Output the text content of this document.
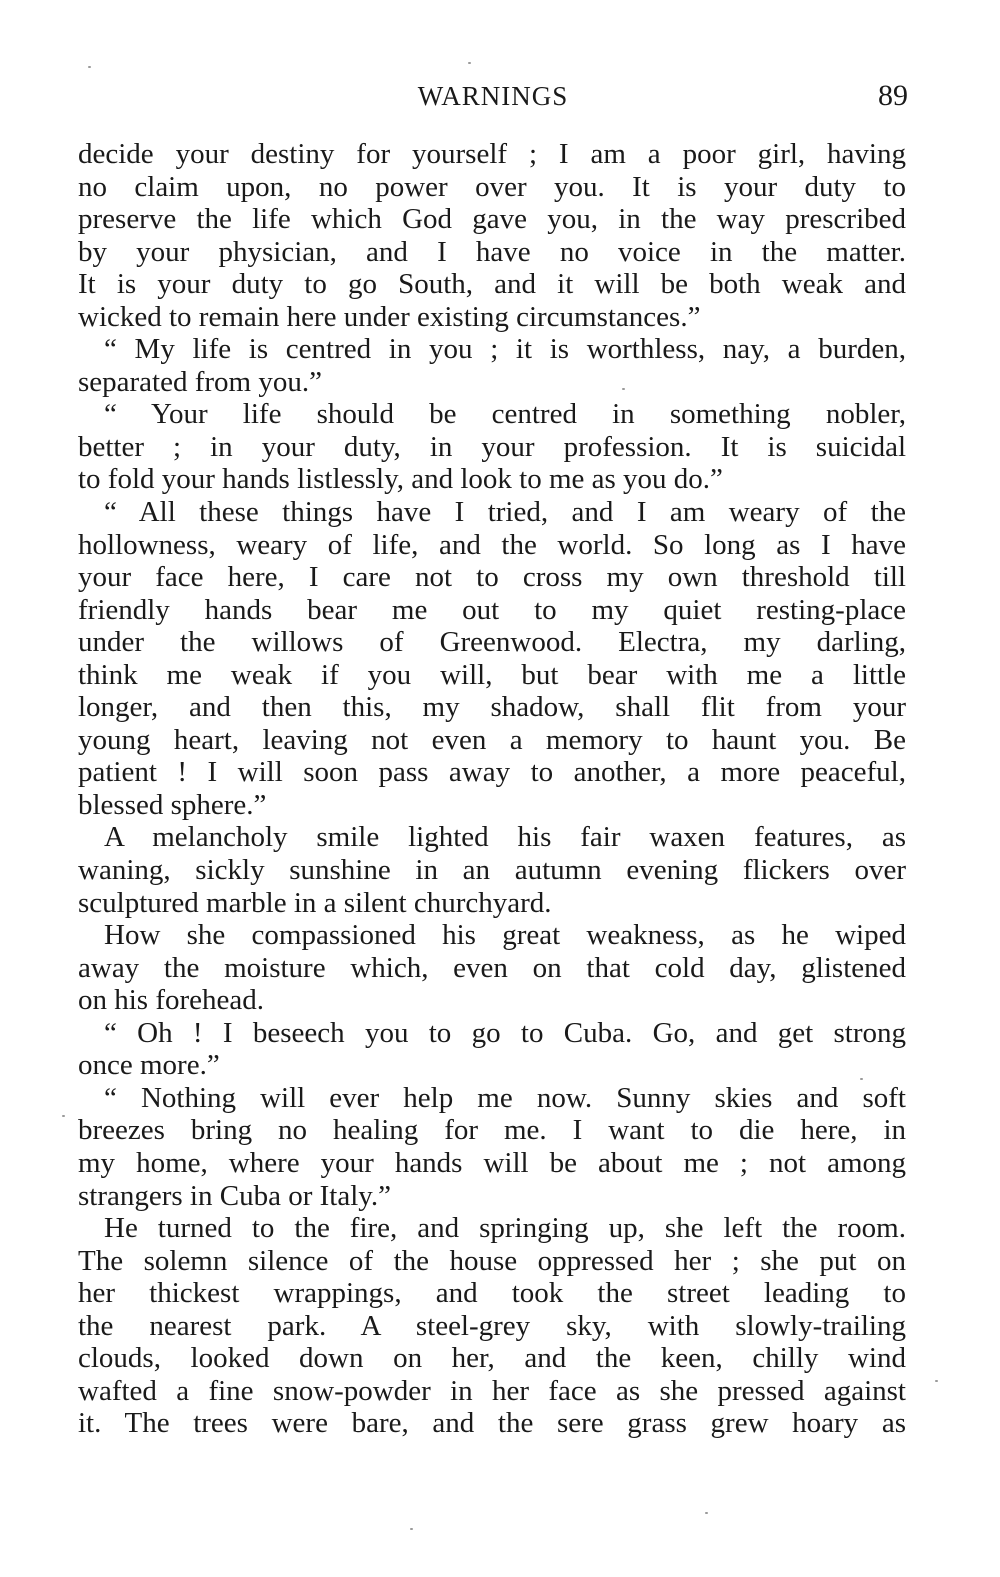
WARNINGS	89
decide your destiny for yourself ; I am a poor girl, having
no claim upon, no power over you. It is your duty to
preserve the life which God gave you, in the way prescribed
by your physician, and I have no voice in the matter.
It is your duty to go South, and it will be both weak and
wicked to remain here under existing circumstances.”
“ My life is centred in you ; it is worthless, nay, a burden,
separated from you.”
“ Your life should be centred in something nobler,
better ; in your duty, in your profession. It is suicidal
to fold your hands listlessly, and look to me as you do.”
“ All these things have I tried, and I am weary of the
hollowness, weary of life, and the world. So long as I have
your face here, I care not to cross my own threshold till
friendly hands bear me out to my quiet resting-place
under the willows of Greenwood. Electra, my darling,
think me weak if you will, but bear with me a little
longer, and then this, my shadow, shall flit from your
young heart, leaving not even a memory to haunt you. Be
patient ! I will soon pass away to another, a more peaceful,
blessed sphere.”
A melancholy smile lighted his fair waxen features, as
waning, sickly sunshine in an autumn evening flickers over
sculptured marble in a silent churchyard.
How she compassioned his great weakness, as he wiped
away the moisture which, even on that cold day, glistened
on his forehead.
“ Oh ! I beseech you to go to Cuba. Go, and get strong
once more.”
“ Nothing will ever help me now. Sunny skies and soft
breezes bring no healing for me. I want to die here, in
my home, where your hands will be about me ; not among
strangers in Cuba or Italy.”
He turned to the fire, and springing up, she left the room.
The solemn silence of the house oppressed her ; she put on
her thickest wrappings, and took the street leading to
the nearest park. A steel-grey sky, with slowly-trailing
clouds, looked down on her, and the keen, chilly wind
wafted a fine snow-powder in her face as she pressed against
it. The trees were bare, and the sere grass grew hoary as
